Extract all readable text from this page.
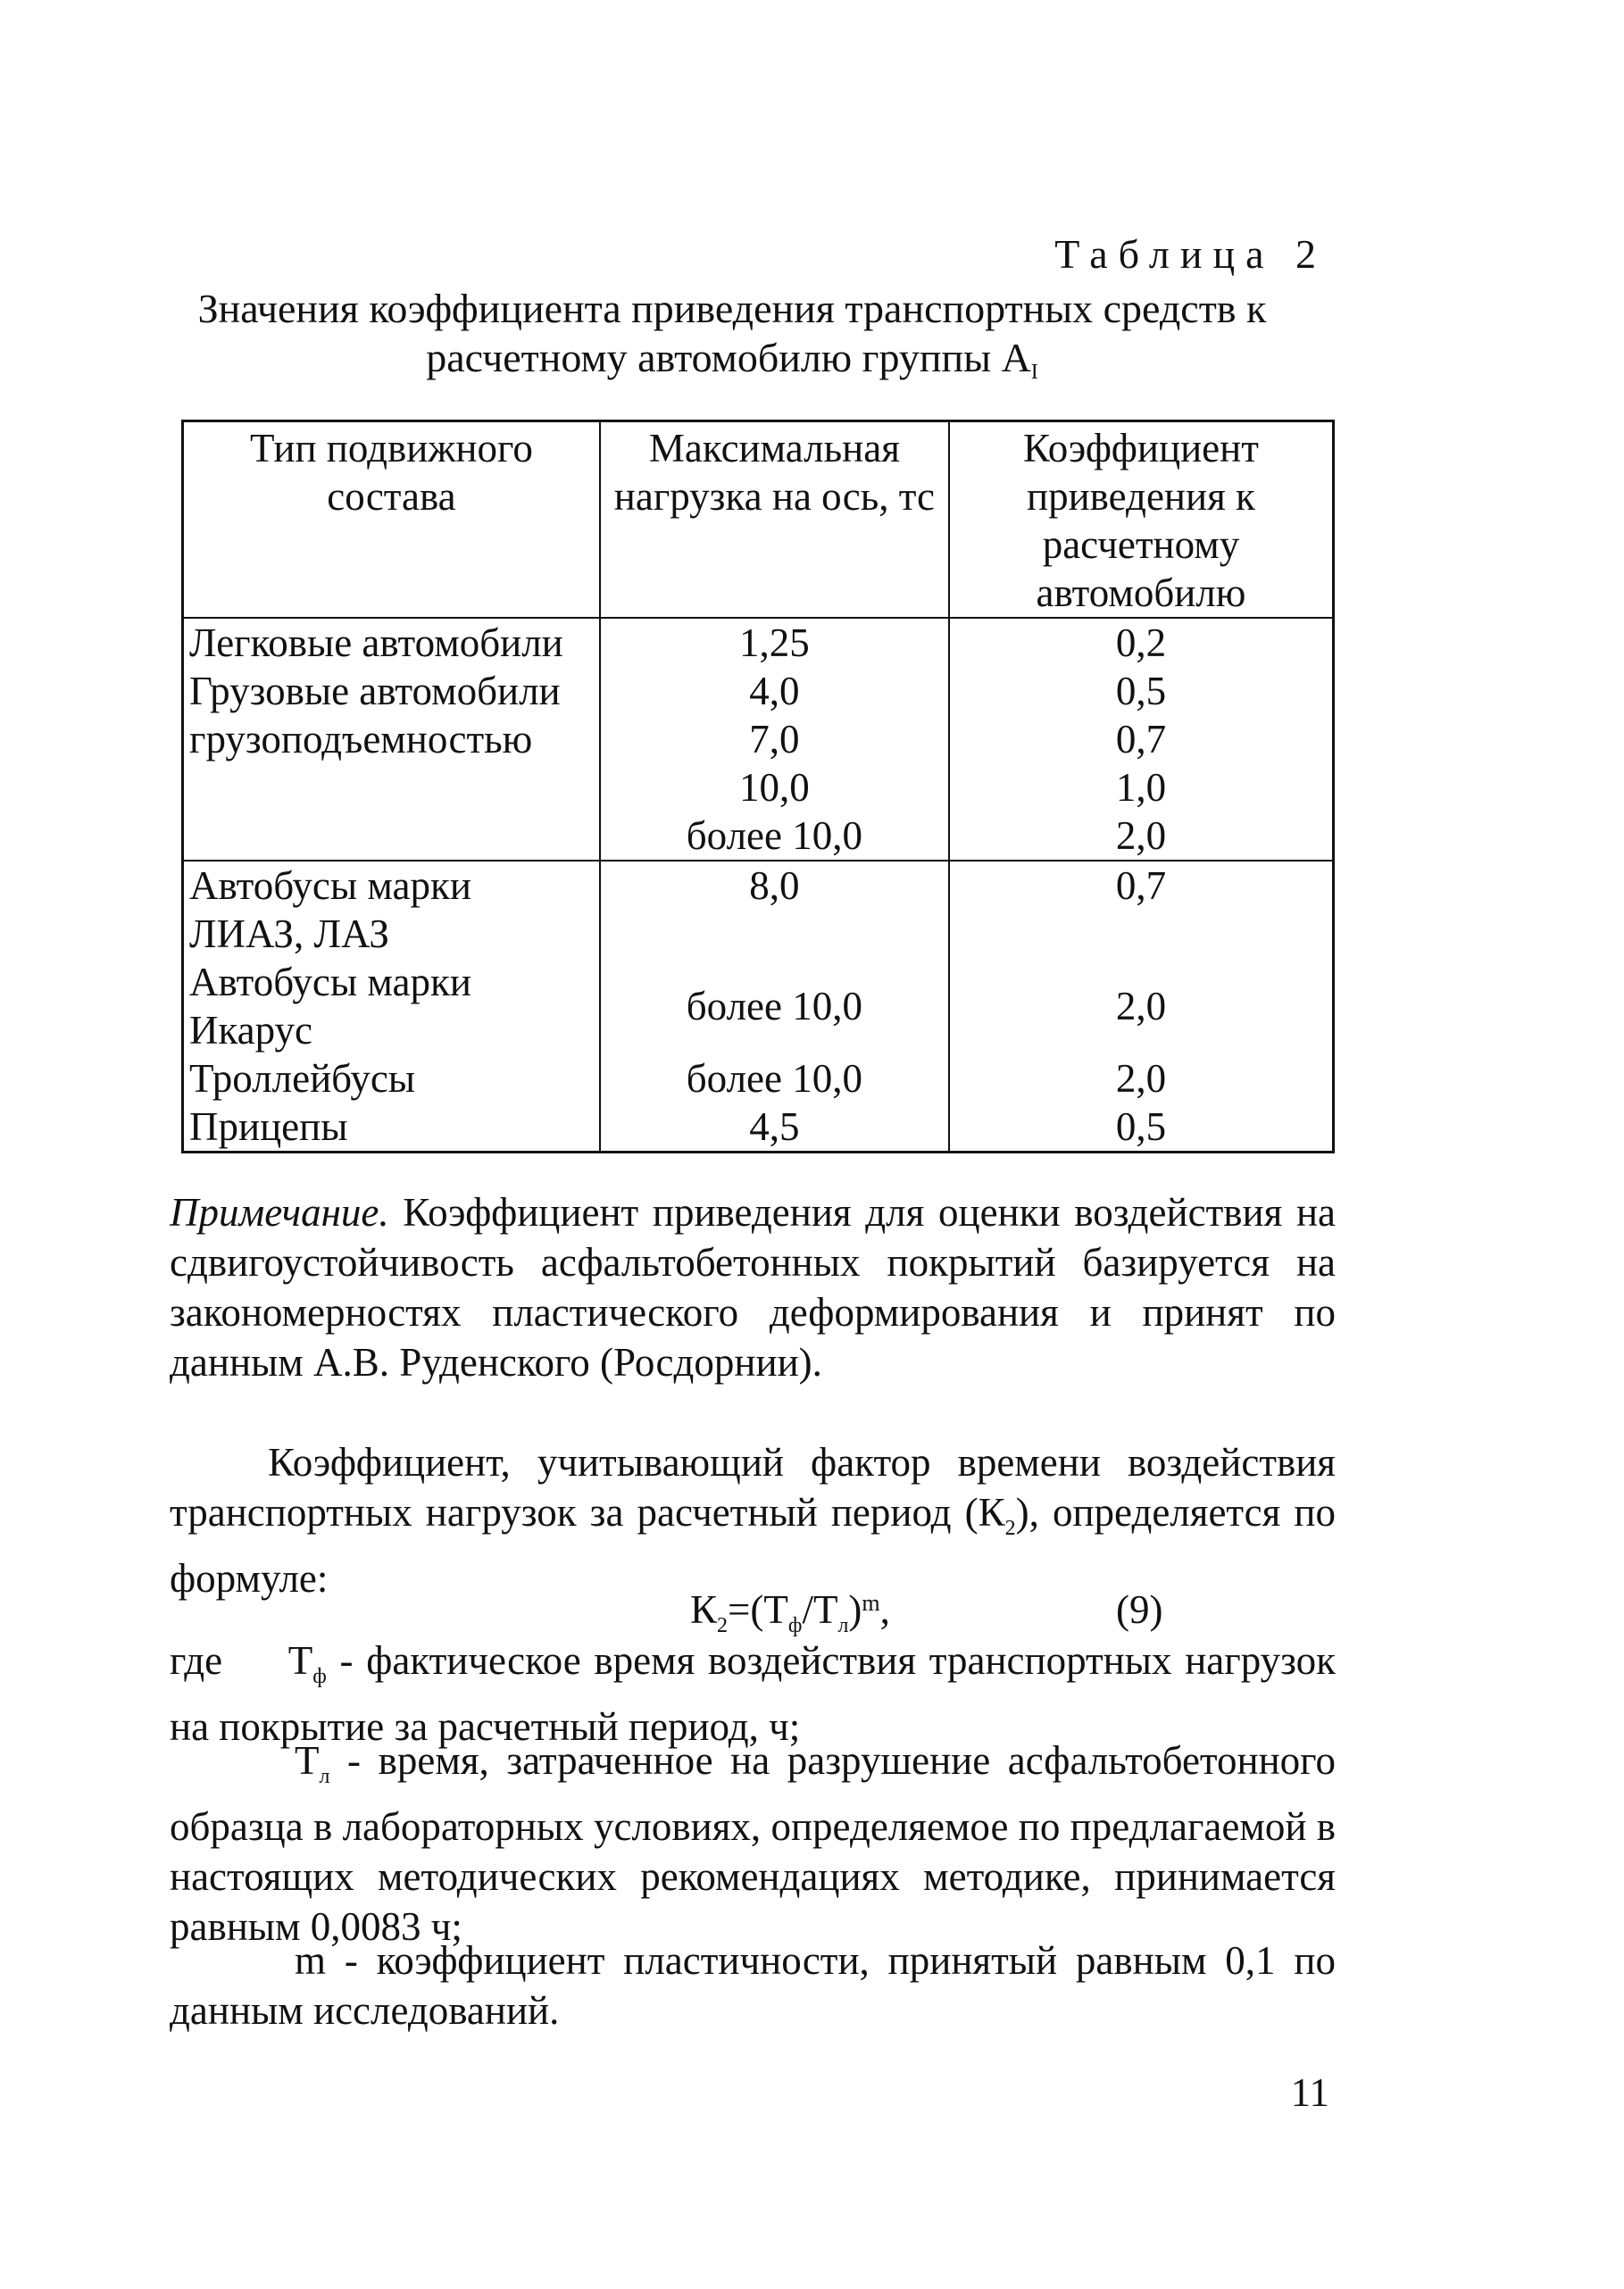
Таблица 2
Значения коэффициента приведения транспортных средств к
расчетному автомобилю группы $А_I$
Тип подвижного состава	Максимальная нагрузка на ось, тс	Коэффициент приведения к расчетному автомобилю
Легковые автомобили	1,25	0,2
Грузовые автомобили	4,0	0,5
грузоподъемностью	7,0	0,7
	10,0	1,0
	более 10,0	2,0
Автобусы марки ЛИАЗ, ЛАЗ	8,0	0,7
Автобусы марки Икарус	более 10,0	2,0
Троллейбусы	более 10,0	2,0
Прицепы	4,5	0,5
Примечание. Коэффициент приведения для оценки воздействия на сдвигоустойчивость асфальтобетонных покрытий базируется на закономерностях пластического деформирования и принят по данным А.В. Руденского (Росдорнии).
Коэффициент, учитывающий фактор времени воздействия транспортных нагрузок за расчетный период $(К_2)$, определяется по формуле:
$К_2=(Т_ф/Т_л)^m$,	(9)
где     $Т_ф$ - фактическое время воздействия транспортных нагрузок на покрытие за расчетный период, ч;
$Т_л$ - время, затраченное на разрушение асфальтобетонного образца в лабораторных условиях, определяемое по предлагаемой в настоящих методических рекомендациях методике, принимается равным 0,0083 ч;
m - коэффициент пластичности, принятый равным 0,1 по данным исследований.
11
